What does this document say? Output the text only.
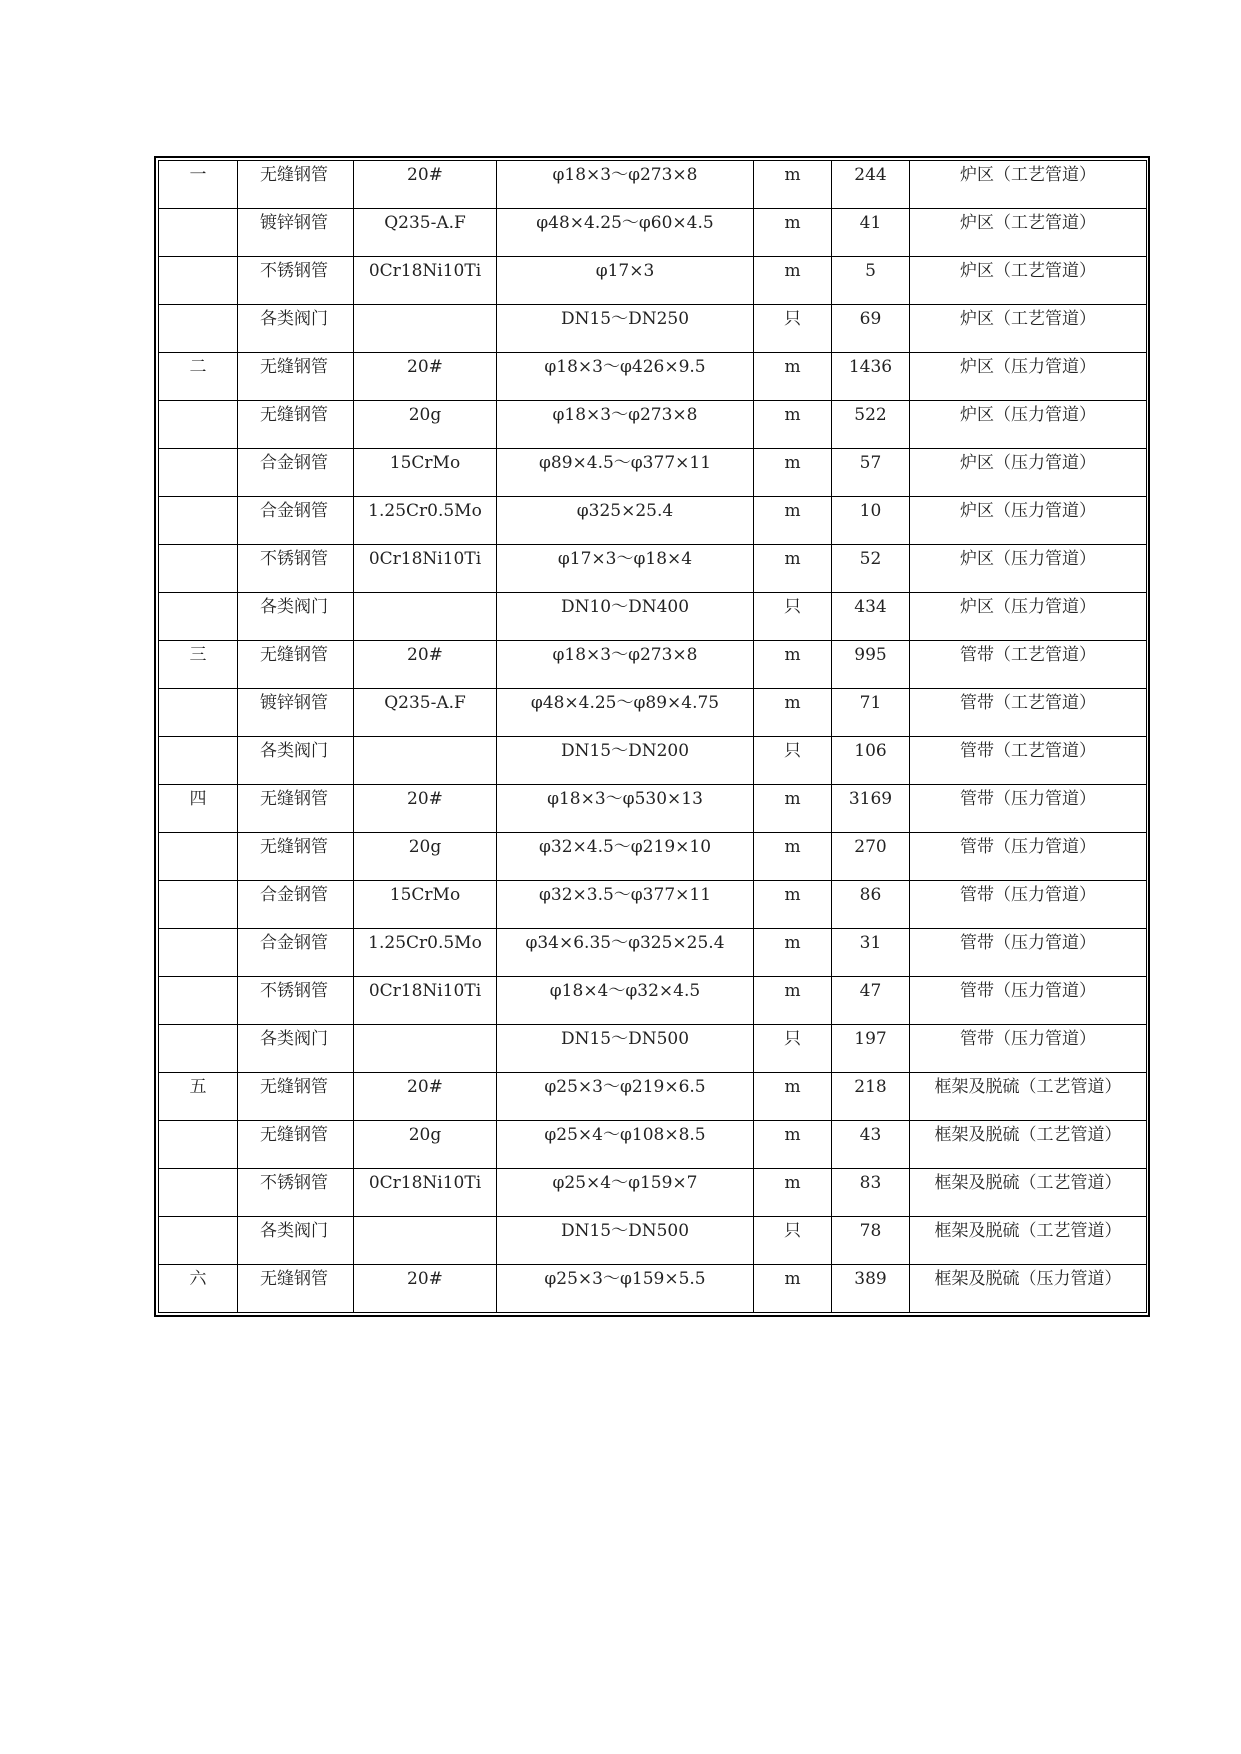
一	无缝钢管	20#	φ18×3～φ273×8	m	244	炉区（工艺管道）
	镀锌钢管	Q235-A.F	φ48×4.25～φ60×4.5	m	41	炉区（工艺管道）
	不锈钢管	0Cr18Ni10Ti	φ17×3	m	5	炉区（工艺管道）
	各类阀门		DN15～DN250	只	69	炉区（工艺管道）
二	无缝钢管	20#	φ18×3～φ426×9.5	m	1436	炉区（压力管道）
	无缝钢管	20g	φ18×3～φ273×8	m	522	炉区（压力管道）
	合金钢管	15CrMo	φ89×4.5～φ377×11	m	57	炉区（压力管道）
	合金钢管	1.25Cr0.5Mo	φ325×25.4	m	10	炉区（压力管道）
	不锈钢管	0Cr18Ni10Ti	φ17×3～φ18×4	m	52	炉区（压力管道）
	各类阀门		DN10～DN400	只	434	炉区（压力管道）
三	无缝钢管	20#	φ18×3～φ273×8	m	995	管带（工艺管道）
	镀锌钢管	Q235-A.F	φ48×4.25～φ89×4.75	m	71	管带（工艺管道）
	各类阀门		DN15～DN200	只	106	管带（工艺管道）
四	无缝钢管	20#	φ18×3～φ530×13	m	3169	管带（压力管道）
	无缝钢管	20g	φ32×4.5～φ219×10	m	270	管带（压力管道）
	合金钢管	15CrMo	φ32×3.5～φ377×11	m	86	管带（压力管道）
	合金钢管	1.25Cr0.5Mo	φ34×6.35～φ325×25.4	m	31	管带（压力管道）
	不锈钢管	0Cr18Ni10Ti	φ18×4～φ32×4.5	m	47	管带（压力管道）
	各类阀门		DN15～DN500	只	197	管带（压力管道）
五	无缝钢管	20#	φ25×3～φ219×6.5	m	218	框架及脱硫（工艺管道）
	无缝钢管	20g	φ25×4～φ108×8.5	m	43	框架及脱硫（工艺管道）
	不锈钢管	0Cr18Ni10Ti	φ25×4～φ159×7	m	83	框架及脱硫（工艺管道）
	各类阀门		DN15～DN500	只	78	框架及脱硫（工艺管道）
六	无缝钢管	20#	φ25×3～φ159×5.5	m	389	框架及脱硫（压力管道）
